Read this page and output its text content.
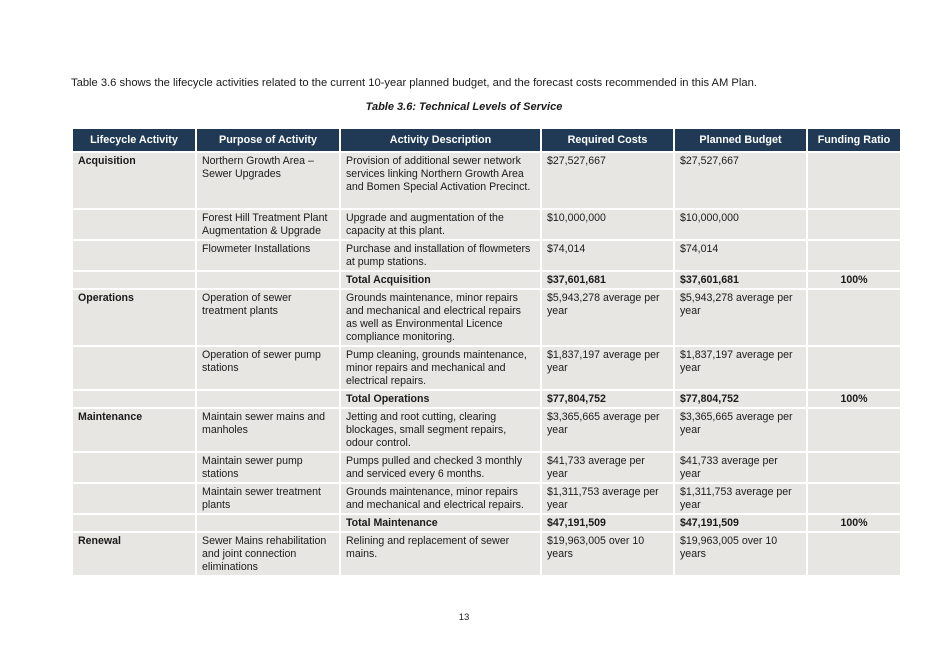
Table 3.6 shows the lifecycle activities related to the current 10-year planned budget, and the forecast costs recommended in this AM Plan.
Table 3.6: Technical Levels of Service
Lifecycle Activity	Purpose of Activity	Activity Description	Required Costs	Planned Budget	Funding Ratio
Acquisition	Northern Growth Area – Sewer Upgrades	Provision of additional sewer network services linking Northern Growth Area and Bomen Special Activation Precinct.	$27,527,667	$27,527,667	
	Forest Hill Treatment Plant Augmentation & Upgrade	Upgrade and augmentation of the capacity at this plant.	$10,000,000	$10,000,000	
	Flowmeter Installations	Purchase and installation of flowmeters at pump stations.	$74,014	$74,014	
		Total Acquisition	$37,601,681	$37,601,681	100%
Operations	Operation of sewer treatment plants	Grounds maintenance, minor repairs and mechanical and electrical repairs as well as Environmental Licence compliance monitoring.	$5,943,278 average per year	$5,943,278 average per year	
	Operation of sewer pump stations	Pump cleaning, grounds maintenance, minor repairs and mechanical and electrical repairs.	$1,837,197 average per year	$1,837,197 average per year	
		Total Operations	$77,804,752	$77,804,752	100%
Maintenance	Maintain sewer mains and manholes	Jetting and root cutting, clearing blockages, small segment repairs, odour control.	$3,365,665 average per year	$3,365,665 average per year	
	Maintain sewer pump stations	Pumps pulled and checked 3 monthly and serviced every 6 months.	$41,733 average per year	$41,733 average per year	
	Maintain sewer treatment plants	Grounds maintenance, minor repairs and mechanical and electrical repairs.	$1,311,753 average per year	$1,311,753 average per year	
		Total Maintenance	$47,191,509	$47,191,509	100%
Renewal	Sewer Mains rehabilitation and joint connection eliminations	Relining and replacement of sewer mains.	$19,963,005 over 10 years	$19,963,005 over 10 years	
13
